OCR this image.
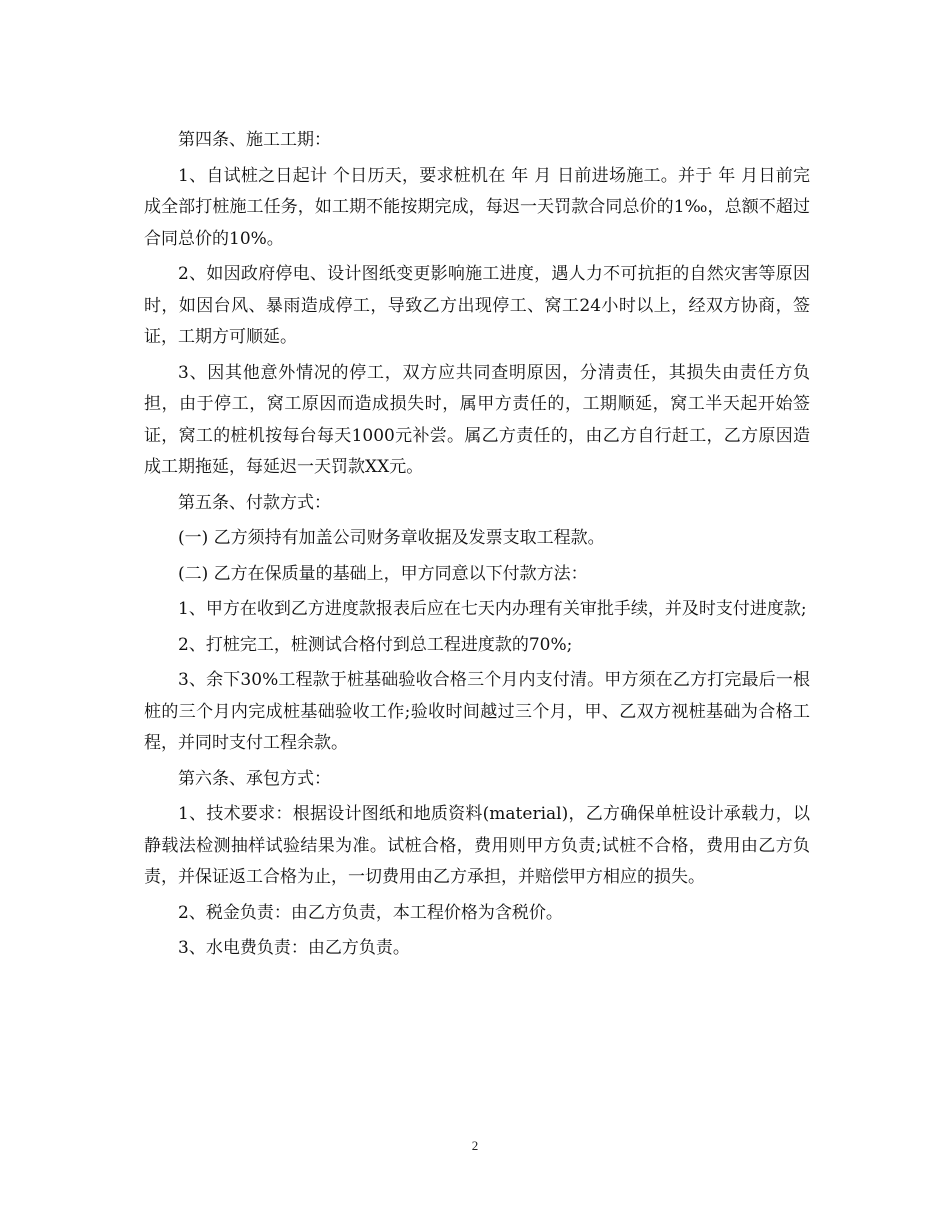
第四条、施工工期：

1、自试桩之日起计 个日历天，要求桩机在 年 月 日前进场施工。并于 年 月日前完成全部打桩施工任务，如工期不能按期完成，每迟一天罚款合同总价的1‰，总额不超过合同总价的10%。

2、如因政府停电、设计图纸变更影响施工进度，遇人力不可抗拒的自然灾害等原因时，如因台风、暴雨造成停工，导致乙方出现停工、窝工24小时以上，经双方协商，签证，工期方可顺延。

3、因其他意外情况的停工，双方应共同查明原因，分清责任，其损失由责任方负担，由于停工，窝工原因而造成损失时，属甲方责任的，工期顺延，窝工半天起开始签证，窝工的桩机按每台每天1000元补尝。属乙方责任的，由乙方自行赶工，乙方原因造成工期拖延，每延迟一天罚款XX元。

第五条、付款方式：

(一) 乙方须持有加盖公司财务章收据及发票支取工程款。

(二) 乙方在保质量的基础上，甲方同意以下付款方法：

1、甲方在收到乙方进度款报表后应在七天内办理有关审批手续，并及时支付进度款;

2、打桩完工，桩测试合格付到总工程进度款的70%;

3、余下30%工程款于桩基础验收合格三个月内支付清。甲方须在乙方打完最后一根桩的三个月内完成桩基础验收工作;验收时间越过三个月，甲、乙双方视桩基础为合格工程，并同时支付工程余款。

第六条、承包方式：

1、技术要求：根据设计图纸和地质资料(material)，乙方确保单桩设计承载力，以静载法检测抽样试验结果为准。试桩合格，费用则甲方负责;试桩不合格，费用由乙方负责，并保证返工合格为止，一切费用由乙方承担，并赔偿甲方相应的损失。

2、税金负责：由乙方负责，本工程价格为含税价。

3、水电费负责：由乙方负责。

2
